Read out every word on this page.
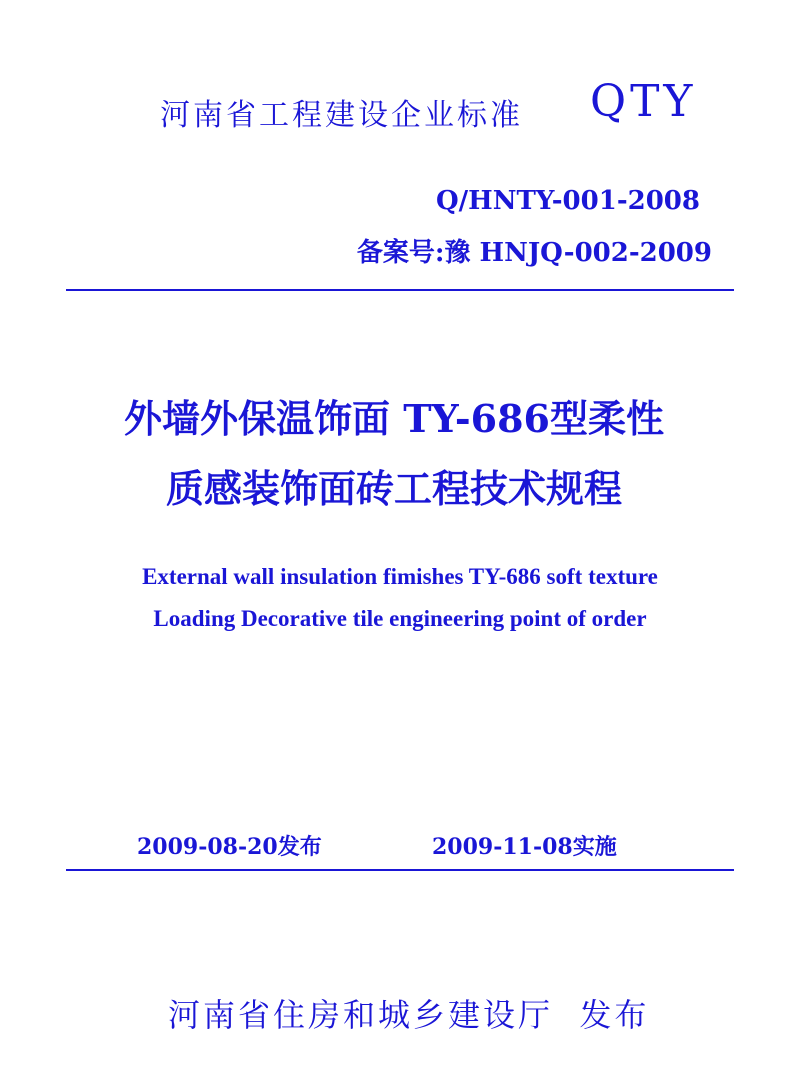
河南省工程建设企业标准 QTY
Q/HNTY-001-2008
备案号:豫 HNJQ-002-2009
外墙外保温饰面 TY-686型柔性
质感装饰面砖工程技术规程
External wall insulation fimishes TY-686 soft texture
Loading Decorative tile engineering point of order
2009-08-20发布	2009-11-08实施
河南省住房和城乡建设厅  发布
